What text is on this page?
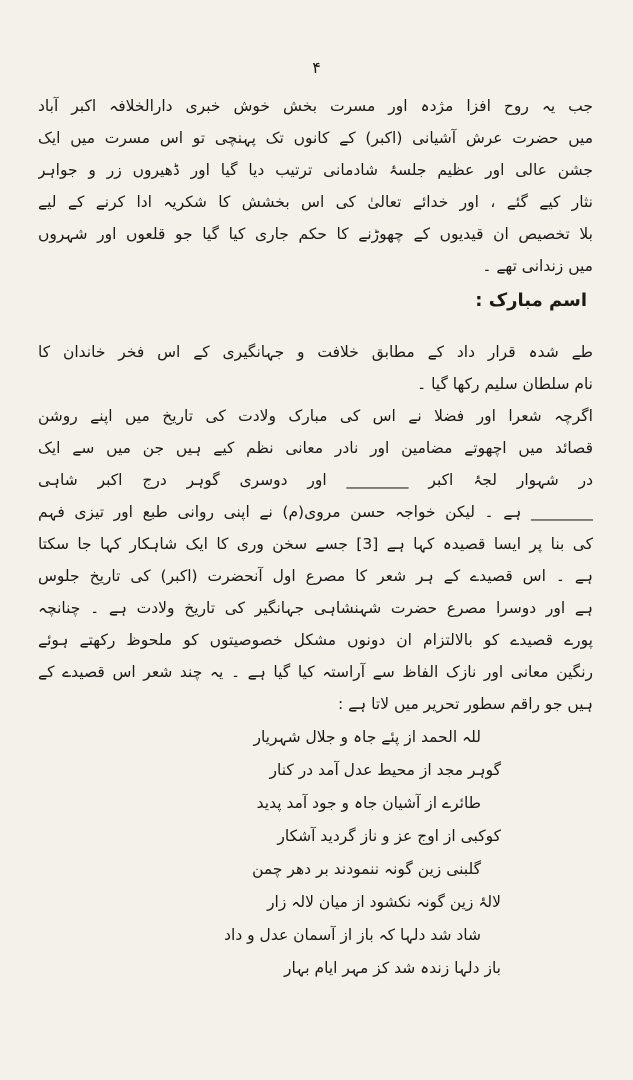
۴
جب یہ روح افزا مژدہ اور مسرت بخش خوش خبری دارالخلافہ اکبر آباد
میں حضرت عرش آشیانی (اکبر) کے کانوں تک پہنچی تو اس مسرت میں ایک
جشن عالی اور عظیم جلسۂ شادمانی ترتیب دیا گیا اور ڈھیروں زر و جواہر
نثار کیے گئے ، اور خدائے تعالیٰ کی اس بخشش کا شکریہ ادا کرنے کے لیے
بلا تخصیص ان قیدیوں کے چھوڑنے کا حکم جاری کیا گیا جو قلعوں اور شہروں
میں زندانی تھے ۔
اسم مبارک :
طے شدہ قرار داد کے مطابق خلافت و جہانگیری کے اس فخر خاندان کا
نام سلطان سلیم رکھا گیا ۔
اگرچہ شعرا اور فضلا نے اس کی مبارک ولادت کی تاریخ میں اپنے روشن
قصائد میں اچھوتے مضامین اور نادر معانی نظم کیے ہیں جن میں سے ایک
در شہوار لجۂ اکبر ________ اور دوسری گوہر درج اکبر شاہی
________ ہے ۔ لیکن خواجہ حسن مروی(م) نے اپنی روانی طبع اور تیزی فہم
کی بنا پر ایسا قصیدہ کہا ہے [3] جسے سخن وری کا ایک شاہکار کہا جا سکتا
ہے ۔ اس قصیدے کے ہر شعر کا مصرع اول آنحضرت (اکبر) کی تاریخ جلوس
ہے اور دوسرا مصرع حضرت شہنشاہی جہانگیر کی تاریخ ولادت ہے ۔ چنانچہ
پورے قصیدے کو بالالتزام ان دونوں مشکل خصوصیتوں کو ملحوظ رکھتے ہوئے
رنگین معانی اور نازک الفاظ سے آراستہ کیا گیا ہے ۔ یہ چند شعر اس قصیدے کے
ہیں جو راقم سطور تحریر میں لاتا ہے :
للہ الحمد از پئے جاہ و جلال شہریار
گوہر مجد از محیط عدل آمد در کنار
طائرے از آشیان جاہ و جود آمد پدید
کوکبی از اوج عز و ناز گردید آشکار
گلبنی زین گونہ ننمودند بر دھر چمن
لالۂ زین گونہ نکشود از میان لالہ زار
شاد شد دلہا کہ باز از آسمان عدل و داد
باز دلہا زندہ شد کز مہر ایام بہار
